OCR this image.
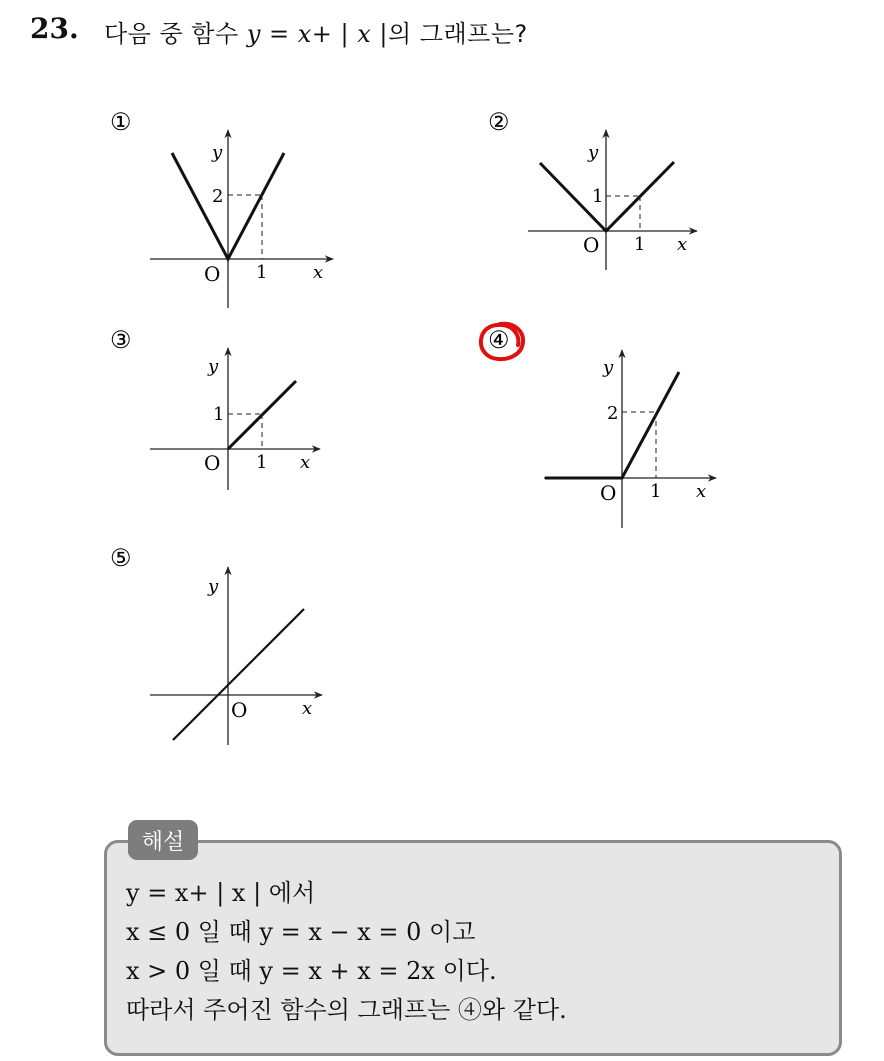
23. 다음 중 함수 y = x+ | x |의 그래프는?
①
y
2
O 1	x
②
y
1
O 1 x
③
y
1
O 1 x
④
y
2
O 1 x
⑤
y
O	x
해설
y = x+ | x | 에서
x ≤ 0 일 때 y = x − x = 0 이고
x > 0 일 때 y = x + x = 2x 이다.
따라서 주어진 함수의 그래프는 ④와 같다.
